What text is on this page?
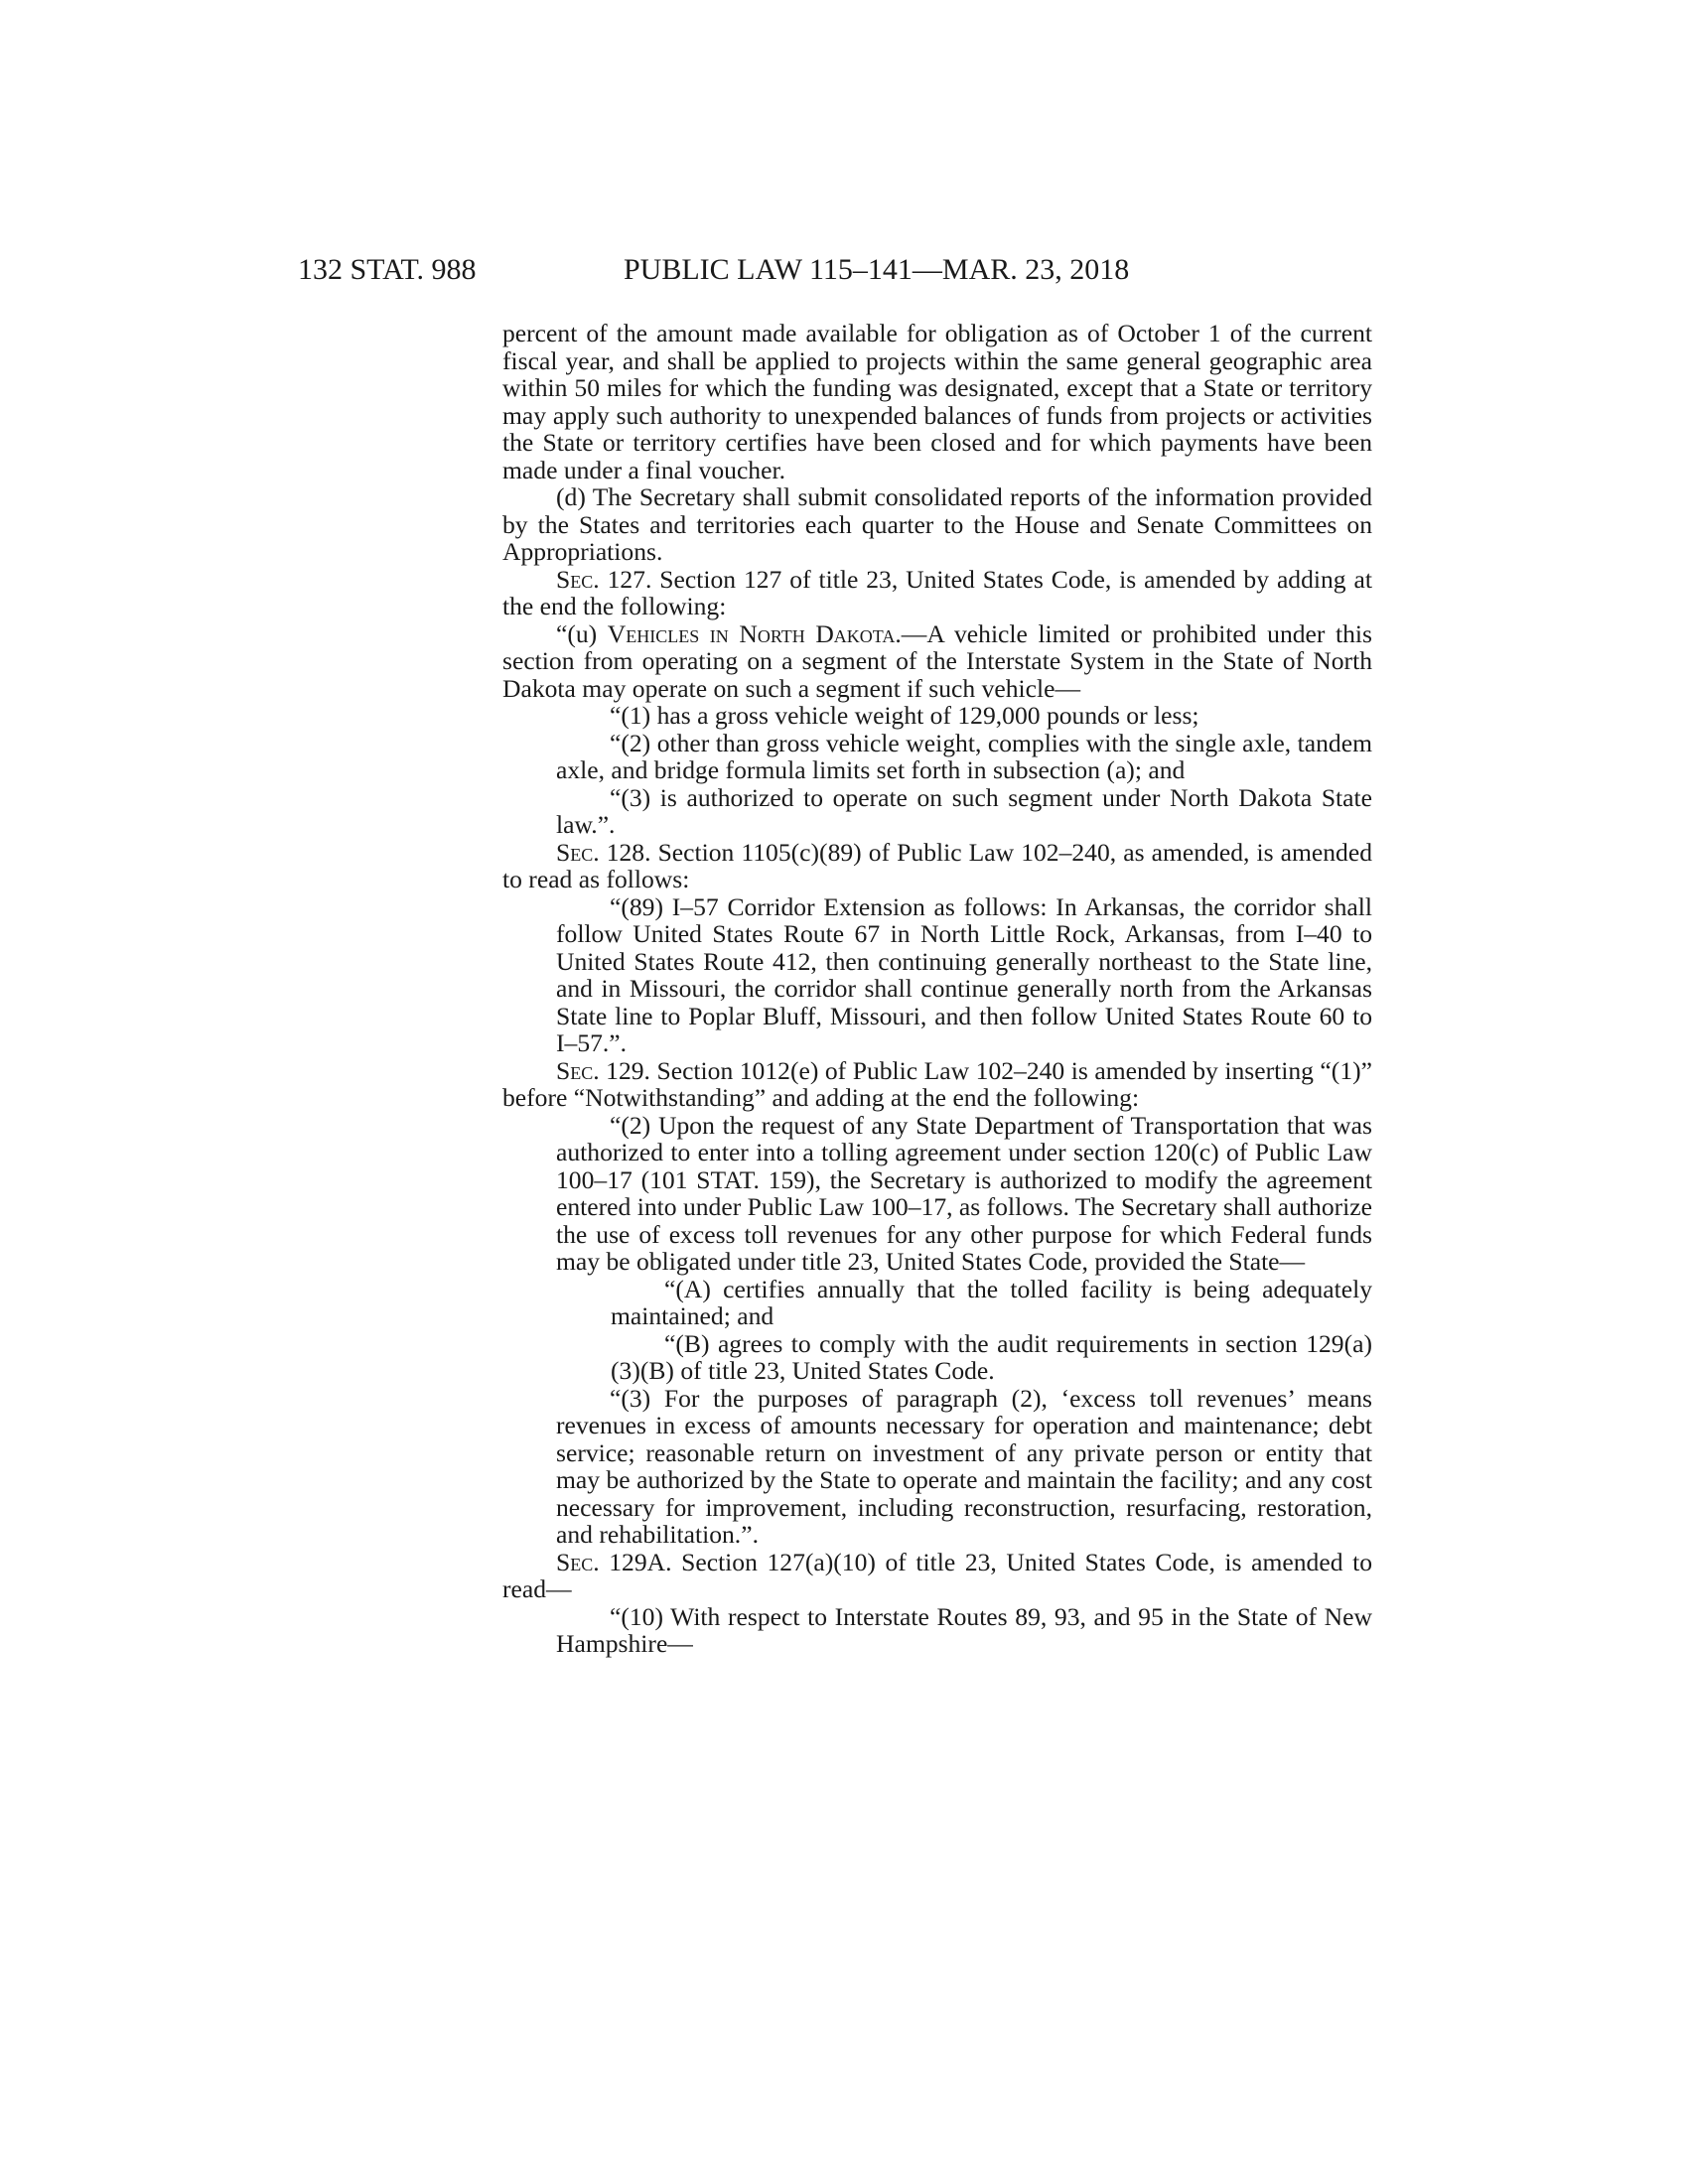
132 STAT. 988	PUBLIC LAW 115–141—MAR. 23, 2018

percent of the amount made available for obligation as of October 1 of the current fiscal year, and shall be applied to projects within the same general geographic area within 50 miles for which the funding was designated, except that a State or territory may apply such authority to unexpended balances of funds from projects or activities the State or territory certifies have been closed and for which payments have been made under a final voucher.

(d) The Secretary shall submit consolidated reports of the information provided by the States and territories each quarter to the House and Senate Committees on Appropriations.

Sec. 127. Section 127 of title 23, United States Code, is amended by adding at the end the following:

“(u) Vehicles in North Dakota.—A vehicle limited or prohibited under this section from operating on a segment of the Interstate System in the State of North Dakota may operate on such a segment if such vehicle—

“(1) has a gross vehicle weight of 129,000 pounds or less;

“(2) other than gross vehicle weight, complies with the single axle, tandem axle, and bridge formula limits set forth in subsection (a); and

“(3) is authorized to operate on such segment under North Dakota State law.”.

Sec. 128. Section 1105(c)(89) of Public Law 102–240, as amended, is amended to read as follows:

“(89) I–57 Corridor Extension as follows: In Arkansas, the corridor shall follow United States Route 67 in North Little Rock, Arkansas, from I–40 to United States Route 412, then continuing generally northeast to the State line, and in Missouri, the corridor shall continue generally north from the Arkansas State line to Poplar Bluff, Missouri, and then follow United States Route 60 to I–57.”.

Sec. 129. Section 1012(e) of Public Law 102–240 is amended by inserting “(1)” before “Notwithstanding” and adding at the end the following:

“(2) Upon the request of any State Department of Transportation that was authorized to enter into a tolling agreement under section 120(c) of Public Law 100–17 (101 STAT. 159), the Secretary is authorized to modify the agreement entered into under Public Law 100–17, as follows. The Secretary shall authorize the use of excess toll revenues for any other purpose for which Federal funds may be obligated under title 23, United States Code, provided the State—

“(A) certifies annually that the tolled facility is being adequately maintained; and

“(B) agrees to comply with the audit requirements in section 129(a)(3)(B) of title 23, United States Code.

“(3) For the purposes of paragraph (2), ‘excess toll revenues’ means revenues in excess of amounts necessary for operation and maintenance; debt service; reasonable return on investment of any private person or entity that may be authorized by the State to operate and maintain the facility; and any cost necessary for improvement, including reconstruction, resurfacing, restoration, and rehabilitation.”.

Sec. 129A. Section 127(a)(10) of title 23, United States Code, is amended to read—

“(10) With respect to Interstate Routes 89, 93, and 95 in the State of New Hampshire—
